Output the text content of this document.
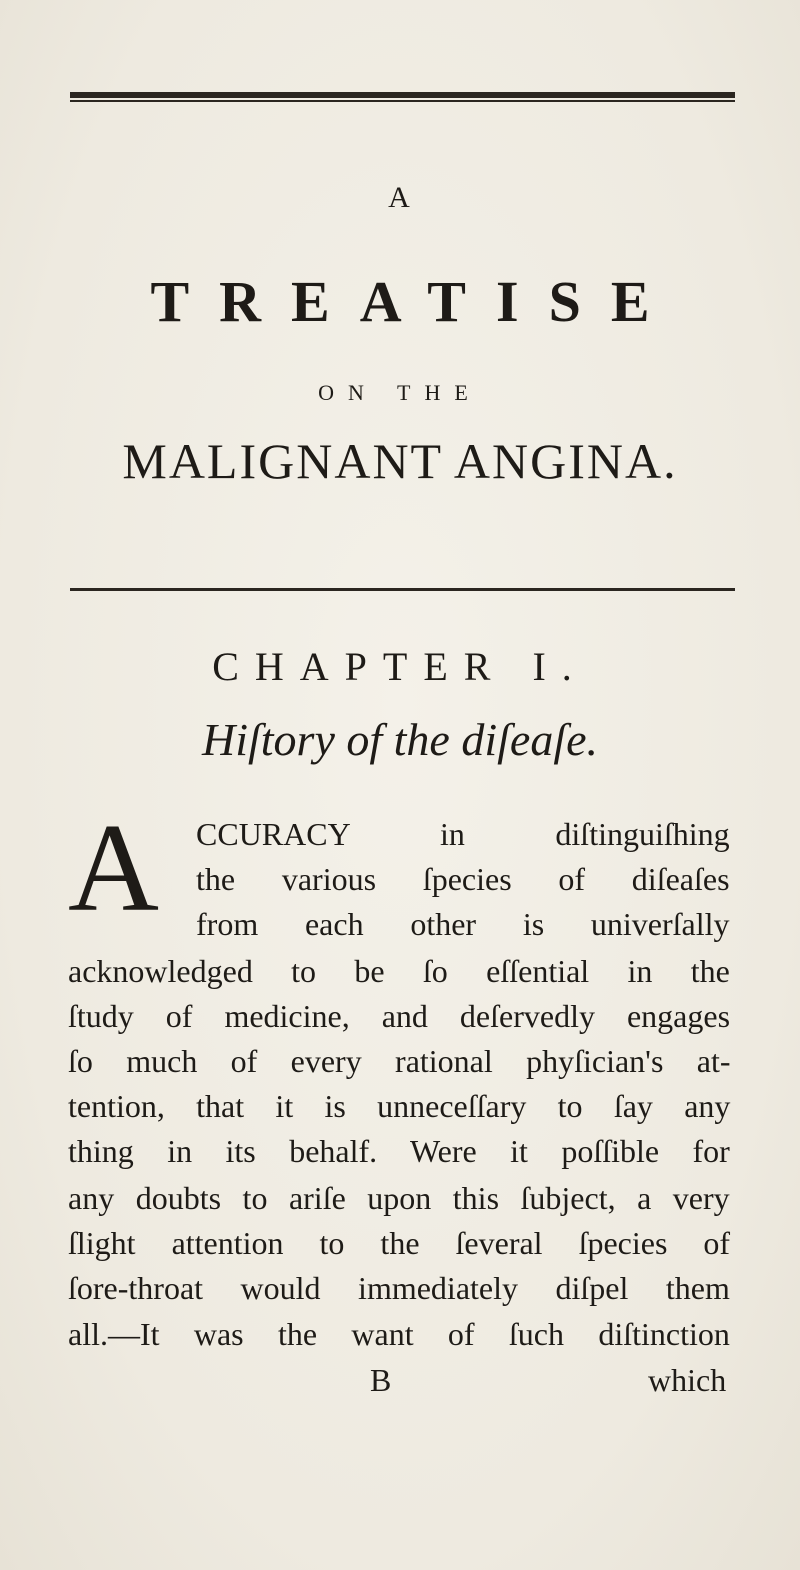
A
TREATISE
ON THE
MALIGNANT ANGINA.
CHAPTER I.
Hiſtory of the diſeaſe.
A CCURACY in diſtinguiſhing
the various ſpecies of diſeaſes
from each other is univerſally
acknowledged to be ſo eſſential in the
ſtudy of medicine, and deſervedly engages
ſo much of every rational phyſician's at-
tention, that it is unneceſſary to ſay any
thing in its behalf. Were it poſſible for
any doubts to ariſe upon this ſubject, a very
ſlight attention to the ſeveral ſpecies of
ſore-throat would immediately diſpel them
all.—It was the want of ſuch diſtinction
B	which
